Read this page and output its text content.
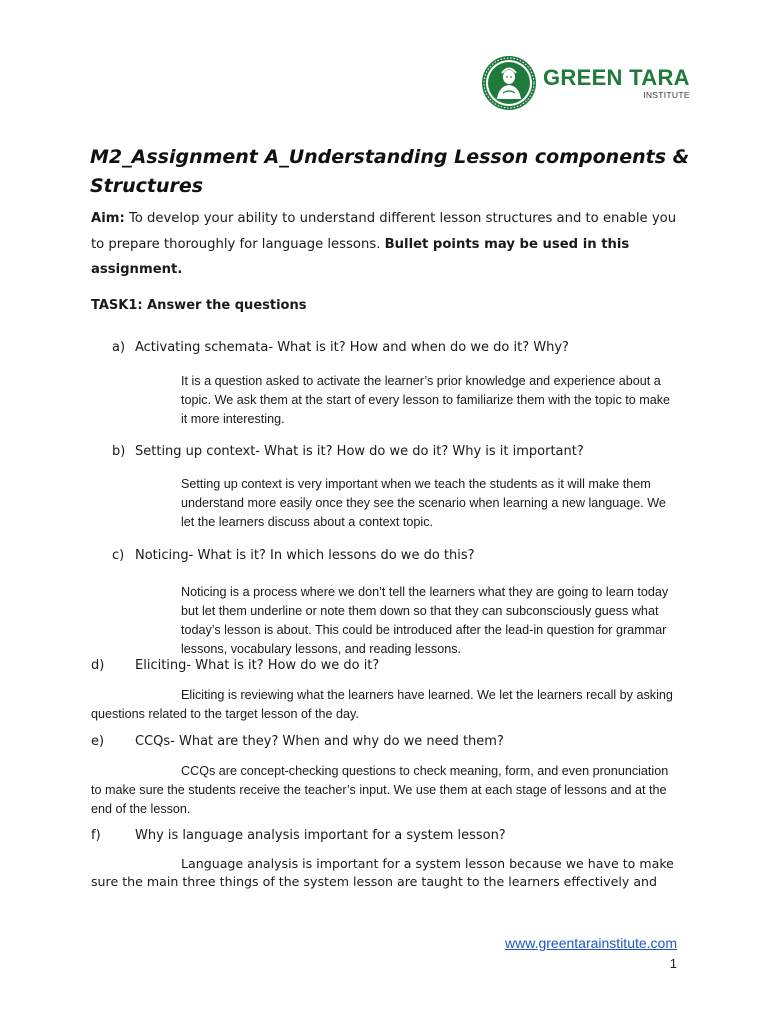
GREEN TARA
INSTITUTE
M2_Assignment A_Understanding Lesson components & Structures

Aim: To develop your ability to understand different lesson structures and to enable you to prepare thoroughly for language lessons. Bullet points may be used in this assignment.

TASK1: Answer the questions

a) Activating schemata- What is it? How and when do we do it? Why?

It is a question asked to activate the learner’s prior knowledge and experience about a topic. We ask them at the start of every lesson to familiarize them with the topic to make it more interesting.

b) Setting up context- What is it? How do we do it? Why is it important?

Setting up context is very important when we teach the students as it will make them understand more easily once they see the scenario when learning a new language. We let the learners discuss about a context topic.

c) Noticing- What is it? In which lessons do we do this?

Noticing is a process where we don’t tell the learners what they are going to learn today but let them underline or note them down so that they can subconsciously guess what today’s lesson is about. This could be introduced after the lead-in question for grammar lessons, vocabulary lessons, and reading lessons.

d) Eliciting- What is it? How do we do it?

Eliciting is reviewing what the learners have learned. We let the learners recall by asking questions related to the target lesson of the day.

e) CCQs- What are they? When and why do we need them?

CCQs are concept-checking questions to check meaning, form, and even pronunciation to make sure the students receive the teacher’s input. We use them at each stage of lessons and at the end of the lesson.

f)	Why is language analysis important for a system lesson?

Language analysis is important for a system lesson because we have to make sure the main three things of the system lesson are taught to the learners effectively and

www.greentarainstitute.com
1
